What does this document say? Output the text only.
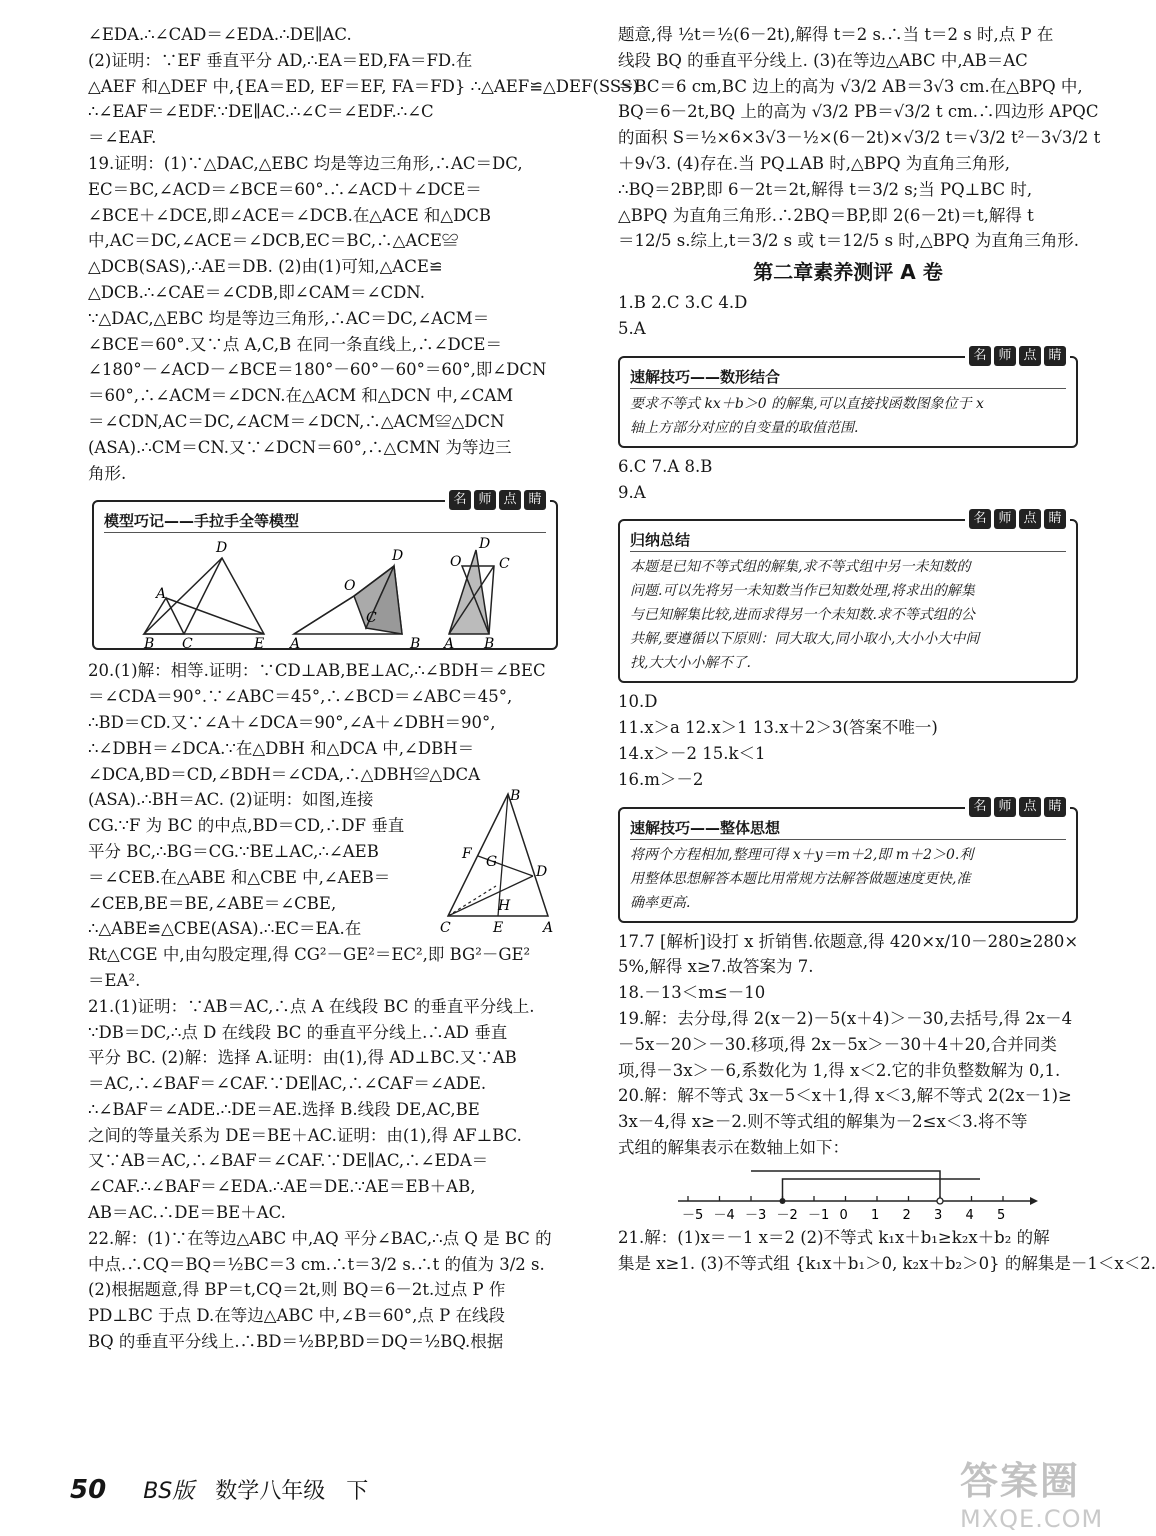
∠EDA.∴∠CAD＝∠EDA.∴DE∥AC.
(2)证明：∵EF 垂直平分 AD,∴EA＝ED,FA＝FD.在
△AEF 和△DEF 中,{EA＝ED, EF＝EF, FA＝FD} ∴△AEF≌△DEF(SSS)
∴∠EAF＝∠EDF.∵DE∥AC.∴∠C＝∠EDF.∴∠C
＝∠EAF.
19.证明：(1)∵△DAC,△EBC 均是等边三角形,∴AC＝DC,
EC＝BC,∠ACD＝∠BCE＝60°.∴∠ACD＋∠DCE＝
∠BCE＋∠DCE,即∠ACE＝∠DCB.在△ACE 和△DCB
中,AC＝DC,∠ACE＝∠DCB,EC＝BC,∴△ACE≌
△DCB(SAS),∴AE＝DB. (2)由(1)可知,△ACE≌
△DCB.∴∠CAE＝∠CDB,即∠CAM＝∠CDN.
∵△DAC,△EBC 均是等边三角形,∴AC＝DC,∠ACM＝
∠BCE＝60°.又∵点 A,C,B 在同一条直线上,∴∠DCE＝
∠180°－∠ACD－∠BCE＝180°－60°－60°＝60°,即∠DCN
＝60°,∴∠ACM＝∠DCN.在△ACM 和△DCN 中,∠CAM
＝∠CDN,AC＝DC,∠ACM＝∠DCN,∴△ACM≌△DCN
(ASA).∴CM＝CN.又∵∠DCN＝60°,∴△CMN 为等边三
角形.
名 师 点 睛
模型巧记——手拉手全等模型
D
A
B C	E
O
D
C
A	B
D
O	C
A B
20.(1)解：相等.证明：∵CD⊥AB,BE⊥AC,∴∠BDH＝∠BEC
＝∠CDA＝90°.∵∠ABC＝45°,∴∠BCD＝∠ABC＝45°,
∴BD＝CD.又∵∠A＋∠DCA＝90°,∠A＋∠DBH＝90°,
∴∠DBH＝∠DCA.∵在△DBH 和△DCA 中,∠DBH＝
∠DCA,BD＝CD,∠BDH＝∠CDA,∴△DBH≌△DCA
(ASA).∴BH＝AC. (2)证明：如图,连接
CG.∵F 为 BC 的中点,BD＝CD,∴DF 垂直
平分 BC,∴BG＝CG.∵BE⊥AC,∴∠AEB
＝∠CEB.在△ABE 和△CBE 中,∠AEB＝
∠CEB,BE＝BE,∠ABE＝∠CBE,
∴△ABE≌△CBE(ASA).∴EC＝EA.在
Rt△CGE 中,由勾股定理,得 CG²－GE²＝EC²,即 BG²－GE²
＝EA².
21.(1)证明：∵AB＝AC,∴点 A 在线段 BC 的垂直平分线上.
∵DB＝DC,∴点 D 在线段 BC 的垂直平分线上.∴AD 垂直
平分 BC. (2)解：选择 A.证明：由(1),得 AD⊥BC.又∵AB
＝AC,∴∠BAF＝∠CAF.∵DE∥AC,∴∠CAF＝∠ADE.
∴∠BAF＝∠ADE.∴DE＝AE.选择 B.线段 DE,AC,BE
之间的等量关系为 DE＝BE＋AC.证明：由(1),得 AF⊥BC.
又∵AB＝AC,∴∠BAF＝∠CAF.∵DE∥AC,∴∠EDA＝
∠CAF.∴∠BAF＝∠EDA.∴AE＝DE.∵AE＝EB＋AB,
AB＝AC.∴DE＝BE＋AC.
22.解：(1)∵在等边△ABC 中,AQ 平分∠BAC,∴点 Q 是 BC 的
中点.∴CQ＝BQ＝½BC＝3 cm.∴t＝3/2 s.∴t 的值为 3/2 s.
(2)根据题意,得 BP＝t,CQ＝2t,则 BQ＝6－2t.过点 P 作
PD⊥BC 于点 D.在等边△ABC 中,∠B＝60°,点 P 在线段
BQ 的垂直平分线上.∴BD＝½BP,BD＝DQ＝½BQ.根据
B
F G
D
H
C	E	A
题意,得 ½t＝½(6－2t),解得 t＝2 s.∴当 t＝2 s 时,点 P 在
线段 BQ 的垂直平分线上. (3)在等边△ABC 中,AB＝AC
＝BC＝6 cm,BC 边上的高为 √3/2 AB＝3√3 cm.在△BPQ 中,
BQ＝6－2t,BQ 上的高为 √3/2 PB＝√3/2 t cm.∴四边形 APQC
的面积 S＝½×6×3√3－½×(6－2t)×√3/2 t＝√3/2 t²－3√3/2 t
＋9√3. (4)存在.当 PQ⊥AB 时,△BPQ 为直角三角形,
∴BQ＝2BP,即 6－2t＝2t,解得 t＝3/2 s;当 PQ⊥BC 时,
△BPQ 为直角三角形.∴2BQ＝BP,即 2(6－2t)＝t,解得 t
＝12/5 s.综上,t＝3/2 s 或 t＝12/5 s 时,△BPQ 为直角三角形.
第二章素养测评 A 卷
1.B 2.C 3.C 4.D
5.A
名 师 点 睛
速解技巧——数形结合
要求不等式 kx＋b＞0 的解集,可以直接找函数图象位于 x
轴上方部分对应的自变量的取值范围.
6.C 7.A 8.B
9.A
名 师 点 睛
归纳总结
本题是已知不等式组的解集,求不等式组中另一未知数的
问题.可以先将另一未知数当作已知数处理,将求出的解集
与已知解集比较,进而求得另一个未知数.求不等式组的公
共解,要遵循以下原则：同大取大,同小取小,大小小大中间
找,大大小小解不了.
10.D
11.x＞a 12.x＞1 13.x＋2＞3(答案不唯一)
14.x＞－2 15.k＜1
16.m＞－2
名 师 点 睛
速解技巧——整体思想
将两个方程相加,整理可得 x＋y＝m＋2,即 m＋2＞0.利
用整体思想解答本题比用常规方法解答做题速度更快,准
确率更高.
17.7 [解析]设打 x 折销售.依题意,得 420×x/10－280≥280×
5%,解得 x≥7.故答案为 7.
18.－13＜m≤－10
19.解：去分母,得 2(x－2)－5(x＋4)＞－30,去括号,得 2x－4
－5x－20＞－30.移项,得 2x－5x＞－30＋4＋20,合并同类
项,得－3x＞－6,系数化为 1,得 x＜2.它的非负整数解为 0,1.
20.解：解不等式 3x－5＜x＋1,得 x＜3,解不等式 2(2x－1)≥
3x－4,得 x≥－2.则不等式组的解集为－2≤x＜3.将不等
式组的解集表示在数轴上如下：
－5 －4 －3 －2 －1 0 1 2 3 4 5
21.解：(1)x＝－1 x＝2 (2)不等式 k₁x＋b₁≥k₂x＋b₂ 的解
集是 x≥1. (3)不等式组 {k₁x＋b₁＞0, k₂x＋b₂＞0} 的解集是－1＜x＜2.
50 BS版 数学八年级 下	答案圈
MXQE.COM
